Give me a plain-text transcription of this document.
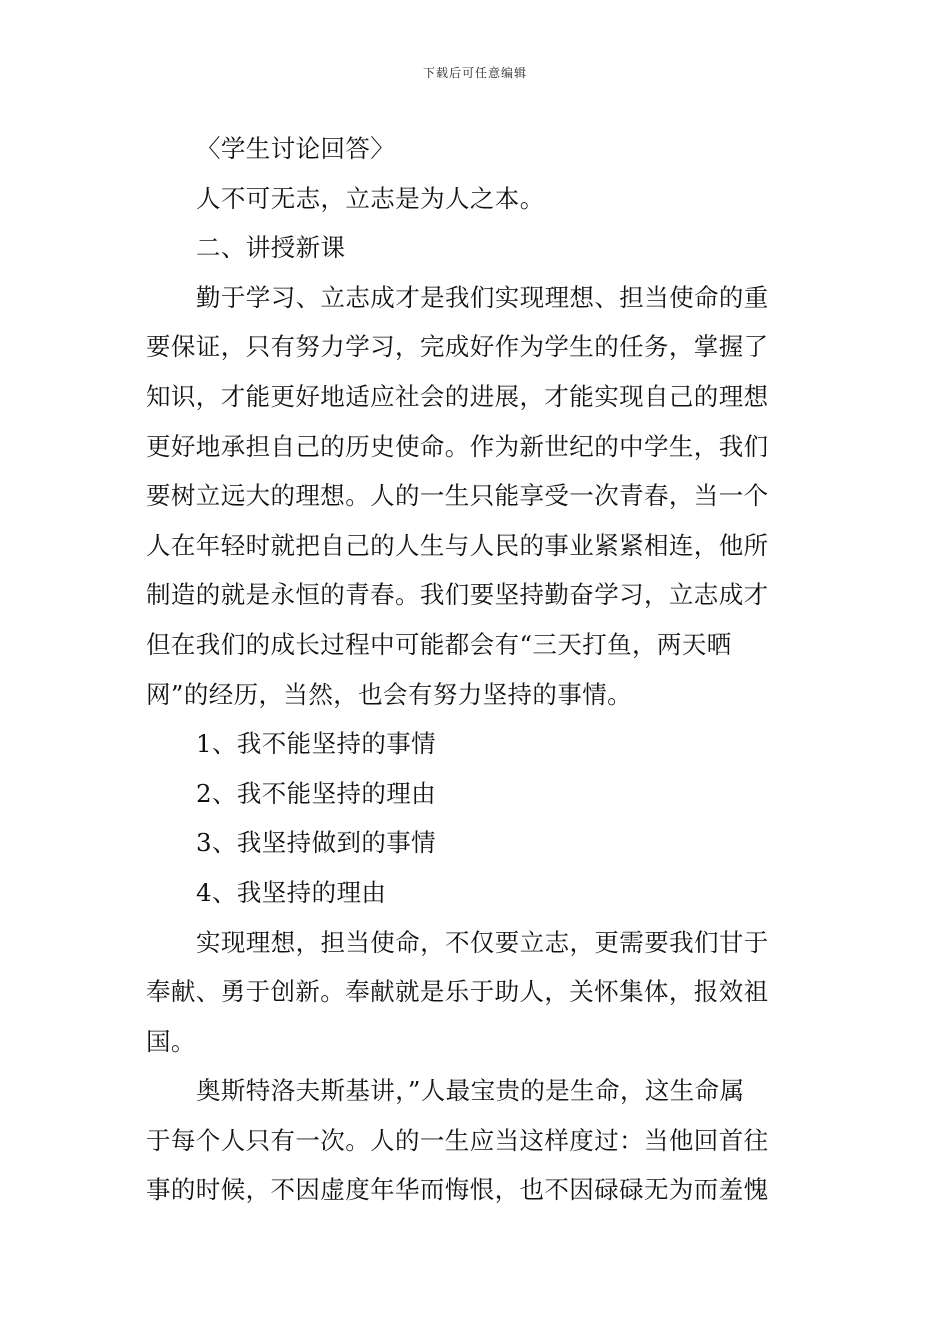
下载后可任意编辑
〈学生讨论回答〉
人不可无志，立志是为人之本。
二、讲授新课
勤于学习、立志成才是我们实现理想、担当使命的重
要保证，只有努力学习，完成好作为学生的任务，掌握了
知识，才能更好地适应社会的进展，才能实现自己的理想
更好地承担自己的历史使命。作为新世纪的中学生，我们
要树立远大的理想。人的一生只能享受一次青春，当一个
人在年轻时就把自己的人生与人民的事业紧紧相连，他所
制造的就是永恒的青春。我们要坚持勤奋学习，立志成才
但在我们的成长过程中可能都会有“三天打鱼，两天晒
网”的经历，当然，也会有努力坚持的事情。
1、我不能坚持的事情
2、我不能坚持的理由
3、我坚持做到的事情
4、我坚持的理由
实现理想，担当使命，不仅要立志，更需要我们甘于
奉献、勇于创新。奉献就是乐于助人，关怀集体，报效祖
国。
奥斯特洛夫斯基讲，”人最宝贵的是生命，这生命属
于每个人只有一次。人的一生应当这样度过：当他回首往
事的时候，不因虚度年华而悔恨，也不因碌碌无为而羞愧
